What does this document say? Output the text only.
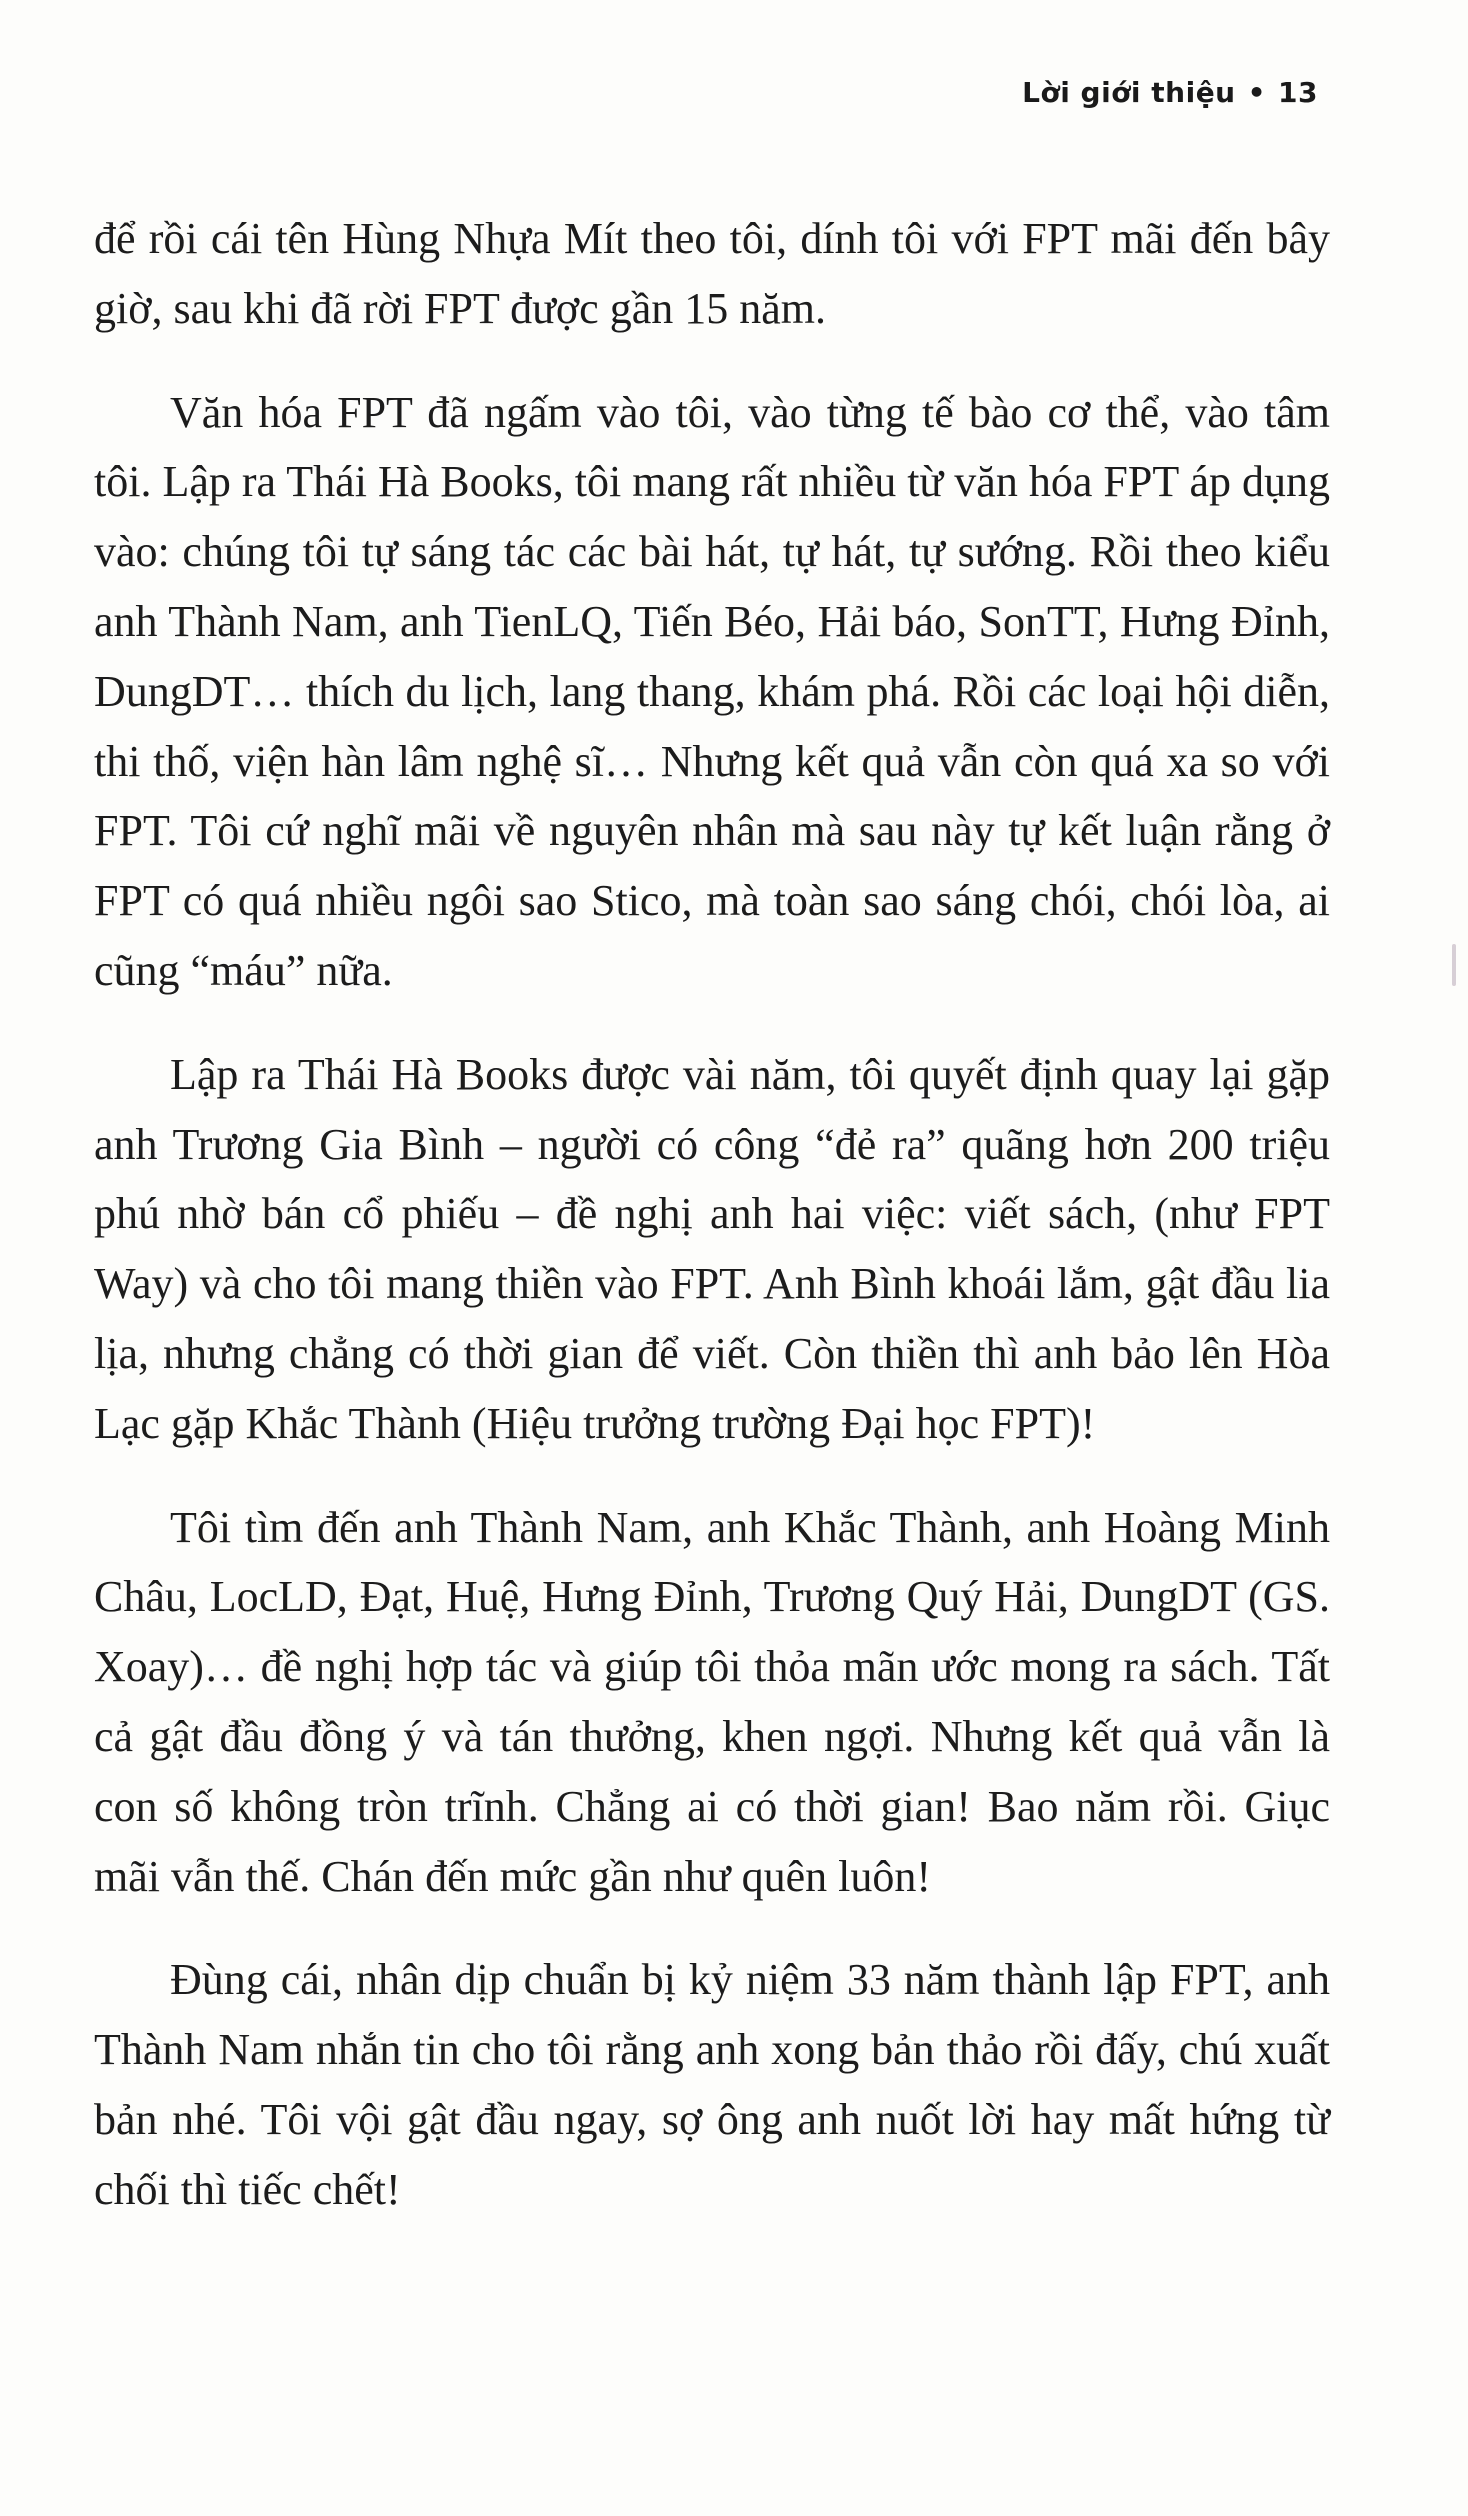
Lời giới thiệu • 13

để rồi cái tên Hùng Nhựa Mít theo tôi, dính tôi với FPT mãi đến bây giờ, sau khi đã rời FPT được gần 15 năm.

Văn hóa FPT đã ngấm vào tôi, vào từng tế bào cơ thể, vào tâm tôi. Lập ra Thái Hà Books, tôi mang rất nhiều từ văn hóa FPT áp dụng vào: chúng tôi tự sáng tác các bài hát, tự hát, tự sướng. Rồi theo kiểu anh Thành Nam, anh TienLQ, Tiến Béo, Hải báo, SonTT, Hưng Đỉnh, DungDT… thích du lịch, lang thang, khám phá. Rồi các loại hội diễn, thi thố, viện hàn lâm nghệ sĩ… Nhưng kết quả vẫn còn quá xa so với FPT. Tôi cứ nghĩ mãi về nguyên nhân mà sau này tự kết luận rằng ở FPT có quá nhiều ngôi sao Stico, mà toàn sao sáng chói, chói lòa, ai cũng “máu” nữa.

Lập ra Thái Hà Books được vài năm, tôi quyết định quay lại gặp anh Trương Gia Bình – người có công “đẻ ra” quãng hơn 200 triệu phú nhờ bán cổ phiếu – đề nghị anh hai việc: viết sách, (như FPT Way) và cho tôi mang thiền vào FPT. Anh Bình khoái lắm, gật đầu lia lịa, nhưng chẳng có thời gian để viết. Còn thiền thì anh bảo lên Hòa Lạc gặp Khắc Thành (Hiệu trưởng trường Đại học FPT)!

Tôi tìm đến anh Thành Nam, anh Khắc Thành, anh Hoàng Minh Châu, LocLD, Đạt, Huệ, Hưng Đỉnh, Trương Quý Hải, DungDT (GS. Xoay)… đề nghị hợp tác và giúp tôi thỏa mãn ước mong ra sách. Tất cả gật đầu đồng ý và tán thưởng, khen ngợi. Nhưng kết quả vẫn là con số không tròn trĩnh. Chẳng ai có thời gian! Bao năm rồi. Giục mãi vẫn thế. Chán đến mức gần như quên luôn!

Đùng cái, nhân dịp chuẩn bị kỷ niệm 33 năm thành lập FPT, anh Thành Nam nhắn tin cho tôi rằng anh xong bản thảo rồi đấy, chú xuất bản nhé. Tôi vội gật đầu ngay, sợ ông anh nuốt lời hay mất hứng từ chối thì tiếc chết!
